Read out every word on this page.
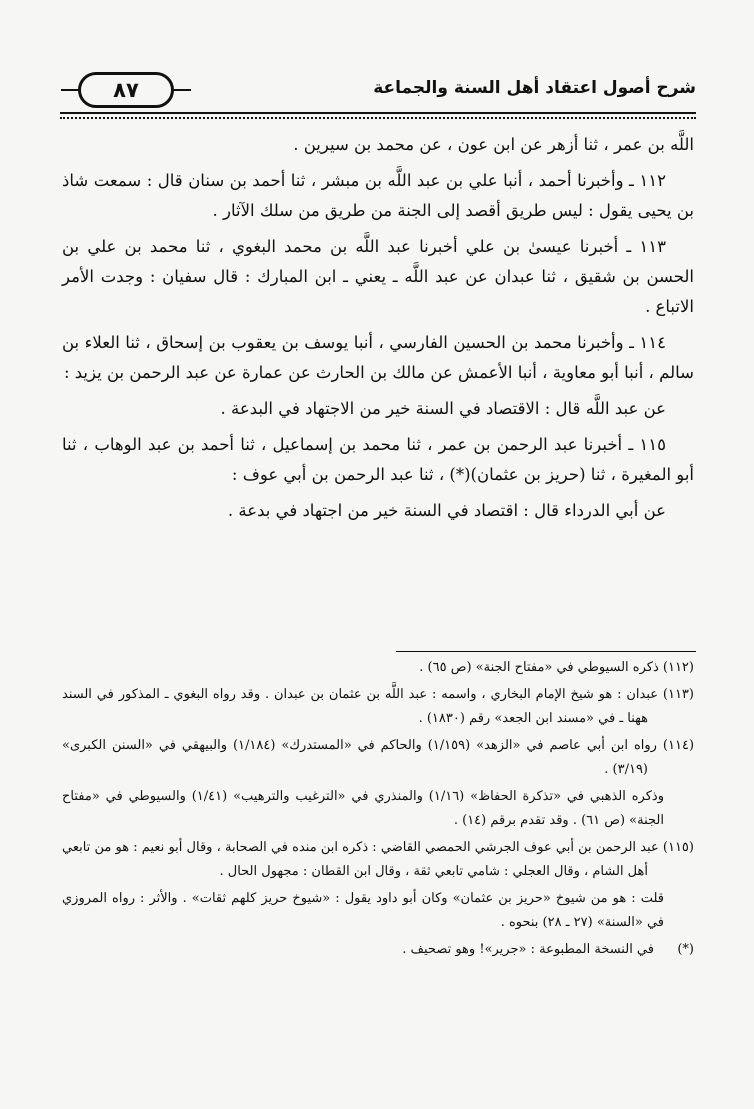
٨٧	شرح أصول اعتقاد أهل السنة والجماعة

اللَّه بن عمر ، ثنا أزهر عن ابن عون ، عن محمد بن سيرين .

١١٢ ـ وأخبرنا أحمد ، أنبا علي بن عبد اللَّه بن مبشر ، ثنا أحمد بن سنان قال : سمعت شاذ بن يحيى يقول : ليس طريق أقصد إلى الجنة من طريق من سلك الآثار .

١١٣ ـ أخبرنا عيسىٰ بن علي أخبرنا عبد اللَّه بن محمد البغوي ، ثنا محمد بن علي بن الحسن بن شقيق ، ثنا عبدان عن عبد اللَّه ـ يعني ـ ابن المبارك : قال سفيان : وجدت الأمر الاتباع .

١١٤ ـ وأخبرنا محمد بن الحسين الفارسي ، أنبا يوسف بن يعقوب بن إسحاق ، ثنا العلاء بن سالم ، أنبا أبو معاوية ، أنبا الأعمش عن مالك بن الحارث عن عمارة عن عبد الرحمن بن يزيد :

عن عبد اللَّه قال : الاقتصاد في السنة خير من الاجتهاد في البدعة .

١١٥ ـ أخبرنا عبد الرحمن بن عمر ، ثنا محمد بن إسماعيل ، ثنا أحمد بن عبد الوهاب ، ثنا أبو المغيرة ، ثنا (حريز بن عثمان)(*) ، ثنا عبد الرحمن بن أبي عوف :

عن أبي الدرداء قال : اقتصاد في السنة خير من اجتهاد في بدعة .

(١١٢) ذكره السيوطي في «مفتاح الجنة» (ص ٦٥) .

(١١٣) عبدان : هو شيخ الإمام البخاري ، واسمه : عبد اللَّه بن عثمان بن عبدان . وقد رواه البغوي ـ المذكور في السند ههنا ـ في «مسند ابن الجعد» رقم (١٨٣٠) .

(١١٤) رواه ابن أبي عاصم في «الزهد» (١/١٥٩) والحاكم في «المستدرك» (١/١٨٤) والبيهقي في «السنن الكبرى» (٣/١٩) .

وذكره الذهبي في «تذكرة الحفاظ» (١/١٦) والمنذري في «الترغيب والترهيب» (١/٤١) والسيوطي في «مفتاح الجنة» (ص ٦١) . وقد تقدم برقم (١٤) .

(١١٥) عبد الرحمن بن أبي عوف الجرشي الحمصي القاضي : ذكره ابن منده في الصحابة ، وقال أبو نعيم : هو من تابعي أهل الشام ، وقال العجلي : شامي تابعي ثقة ، وقال ابن القطان : مجهول الحال .

قلت : هو من شيوخ «حريز بن عثمان» وكان أبو داود يقول : «شيوخ حريز كلهم ثقات» . والأثر : رواه المروزي في «السنة» (٢٧ ـ ٢٨) بنحوه .

(*)في النسخة المطبوعة : «جرير»! وهو تصحيف .
